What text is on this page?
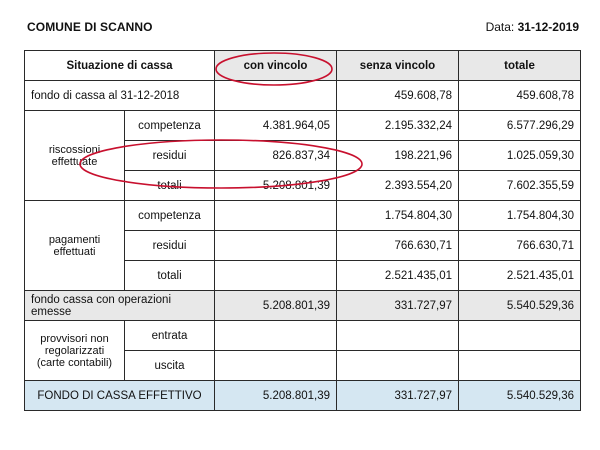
COMUNE DI SCANNO	Data: 31-12-2019
Situazione di cassa		con vincolo	senza vincolo	totale
fondo di cassa al 31-12-2018			459.608,78	459.608,78
riscossioni effettuate	competenza	4.381.964,05	2.195.332,24	6.577.296,29
	residui	826.837,34	198.221,96	1.025.059,30
	totali	5.208.801,39	2.393.554,20	7.602.355,59
pagamenti effettuati	competenza		1.754.804,30	1.754.804,30
	residui		766.630,71	766.630,71
	totali		2.521.435,01	2.521.435,01
fondo cassa con operazioni emesse		5.208.801,39	331.727,97	5.540.529,36
provvisori non regolarizzati (carte contabili)	entrata			
	uscita			
FONDO DI CASSA EFFETTIVO		5.208.801,39	331.727,97	5.540.529,36
